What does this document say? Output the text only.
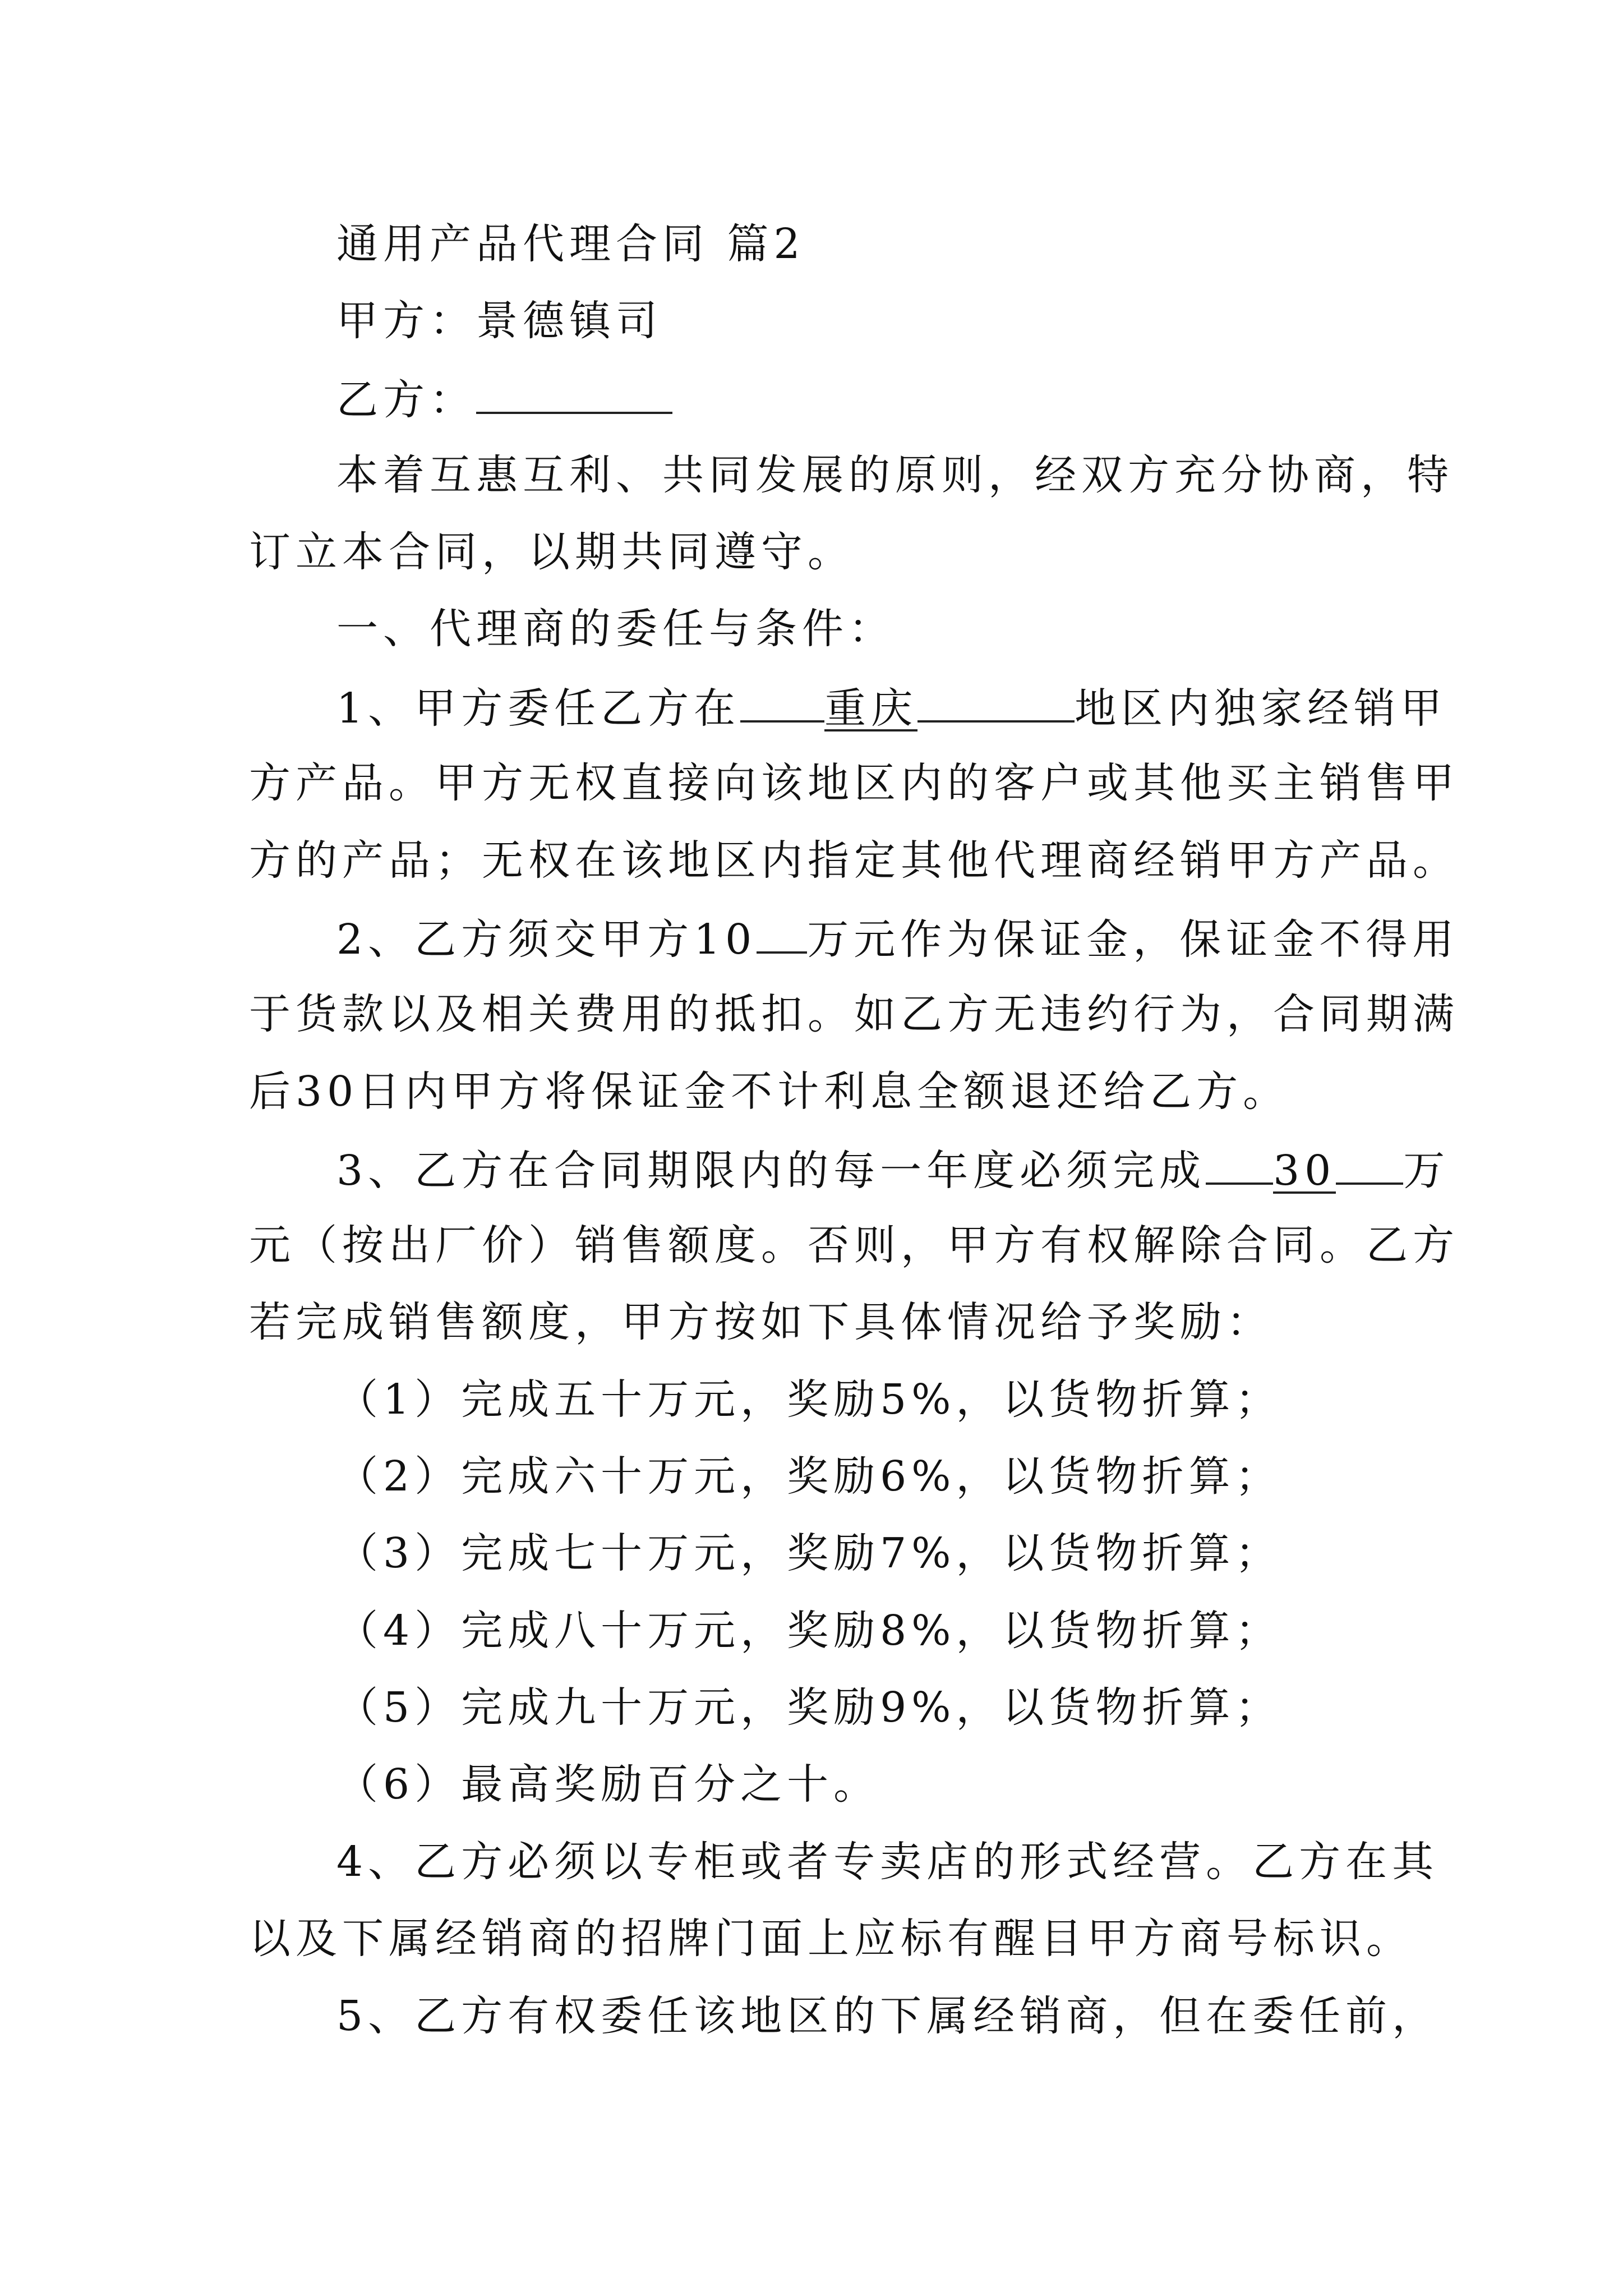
通用产品代理合同 篇2
甲方：景德镇司
乙方：
本着互惠互利、共同发展的原则，经双方充分协商，特
订立本合同，以期共同遵守。
一、代理商的委任与条件：
1、甲方委任乙方在 重庆	地区内独家经销甲
方产品。甲方无权直接向该地区内的客户或其他买主销售甲
方的产品；无权在该地区内指定其他代理商经销甲方产品。
2、乙方须交甲方10 万元作为保证金，保证金不得用
于货款以及相关费用的抵扣。如乙方无违约行为，合同期满
后30日内甲方将保证金不计利息全额退还给乙方。
3、乙方在合同期限内的每一年度必须完成 30 万
元（按出厂价）销售额度。否则，甲方有权解除合同。乙方
若完成销售额度，甲方按如下具体情况给予奖励：
（1）完成五十万元，奖励5%，以货物折算；
（2）完成六十万元，奖励6%，以货物折算；
（3）完成七十万元，奖励7%，以货物折算；
（4）完成八十万元，奖励8%，以货物折算；
（5）完成九十万元，奖励9%，以货物折算；
（6）最高奖励百分之十。
4、乙方必须以专柜或者专卖店的形式经营。乙方在其
以及下属经销商的招牌门面上应标有醒目甲方商号标识。
5、乙方有权委任该地区的下属经销商，但在委任前，
